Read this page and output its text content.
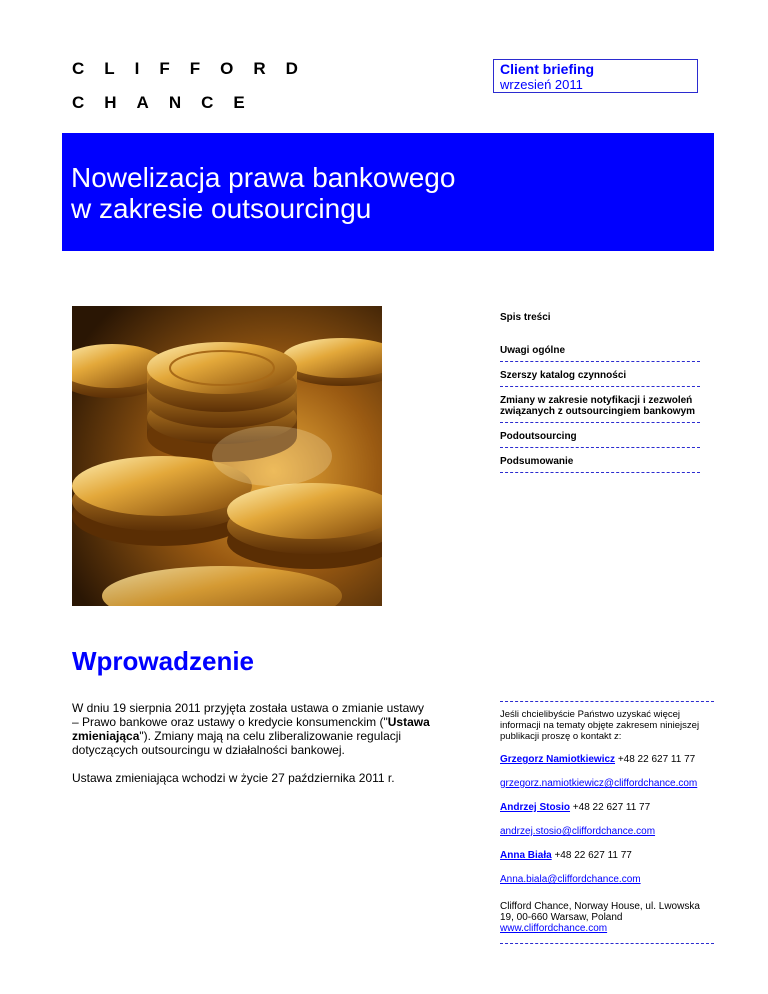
CLIFFORD
CHANCE
Client briefing
wrzesień 2011
Nowelizacja prawa bankowego
w zakresie outsourcingu
Spis treści
Uwagi ogólne
Szerszy katalog czynności
Zmiany w zakresie notyfikacji i zezwoleń związanych z outsourcingiem bankowym
Podoutsourcing
Podsumowanie
Wprowadzenie

W dniu 19 sierpnia 2011 przyjęta została ustawa o zmianie ustawy – Prawo bankowe oraz ustawy o kredycie konsumenckim ("Ustawa zmieniająca"). Zmiany mają na celu zliberalizowanie regulacji dotyczących outsourcingu w działalności bankowej.

Ustawa zmieniająca wchodzi w życie 27 października 2011 r.

Jeśli chcielibyście Państwo uzyskać więcej informacji na tematy objęte zakresem niniejszej publikacji proszę o kontakt z:
Grzegorz Namiotkiewicz +48 22 627 11 77
grzegorz.namiotkiewicz@cliffordchance.com
Andrzej Stosio +48 22 627 11 77
andrzej.stosio@cliffordchance.com
Anna Biała +48 22 627 11 77
Anna.biala@cliffordchance.com
Clifford Chance, Norway House, ul. Lwowska
19, 00-660 Warsaw, Poland
www.cliffordchance.com
